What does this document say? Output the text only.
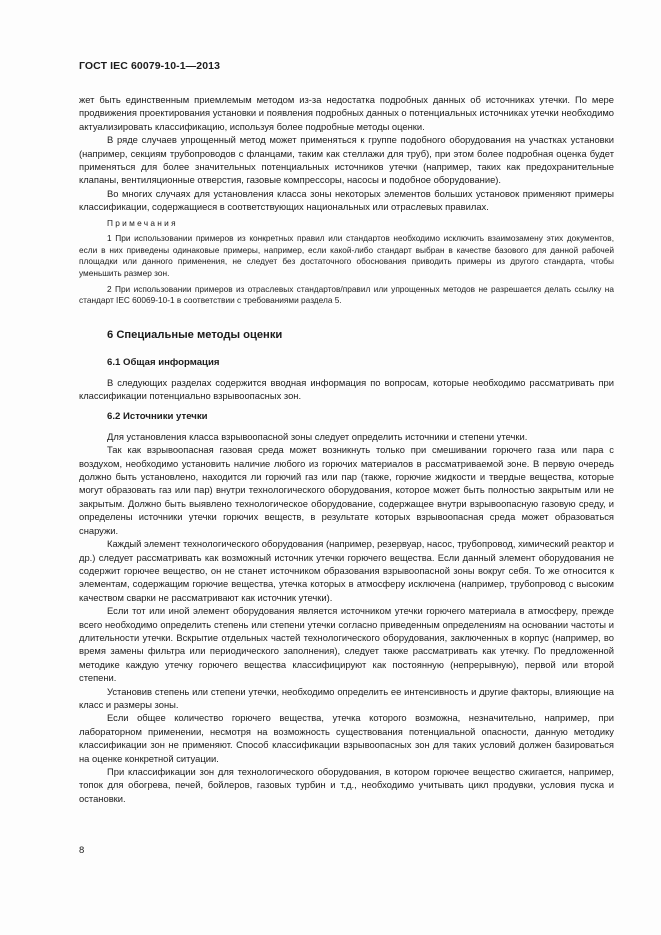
ГОСТ IEC 60079-10-1—2013

жет быть единственным приемлемым методом из-за недостатка подробных данных об источниках утечки. По мере продвижения проектирования установки и появления подробных данных о потенциальных источниках утечки необходимо актуализировать классификацию, используя более подробные методы оценки.

В ряде случаев упрощенный метод может применяться к группе подобного оборудования на участках установки (например, секциям трубопроводов с фланцами, таким как стеллажи для труб), при этом более подробная оценка будет применяться для более значительных потенциальных источников утечки (например, таких как предохранительные клапаны, вентиляционные отверстия, газовые компрессоры, насосы и подобное оборудование).

Во многих случаях для установления класса зоны некоторых элементов больших установок применяют примеры классификации, содержащиеся в соответствующих национальных или отраслевых правилах.

Примечания

1 При использовании примеров из конкретных правил или стандартов необходимо исключить взаимозамену этих документов, если в них приведены одинаковые примеры, например, если какой-либо стандарт выбран в качестве базового для данной рабочей площадки или данного применения, не следует без достаточного обоснования приводить примеры из другого стандарта, чтобы уменьшить размер зон.

2 При использовании примеров из отраслевых стандартов/правил или упрощенных методов не разрешается делать ссылку на стандарт IEC 60069-10-1 в соответствии с требованиями раздела 5.

6 Специальные методы оценки

6.1 Общая информация

В следующих разделах содержится вводная информация по вопросам, которые необходимо рассматривать при классификации потенциально взрывоопасных зон.

6.2 Источники утечки

Для установления класса взрывоопасной зоны следует определить источники и степени утечки.

Так как взрывоопасная газовая среда может возникнуть только при смешивании горючего газа или пара с воздухом, необходимо установить наличие любого из горючих материалов в рассматриваемой зоне. В первую очередь должно быть установлено, находится ли горючий газ или пар (также, горючие жидкости и твердые вещества, которые могут образовать газ или пар) внутри технологического оборудования, которое может быть полностью закрытым или не закрытым. Должно быть выявлено технологическое оборудование, содержащее внутри взрывоопасную газовую среду, и определены источники утечки горючих веществ, в результате которых взрывоопасная среда может образоваться снаружи.

Каждый элемент технологического оборудования (например, резервуар, насос, трубопровод, химический реактор и др.) следует рассматривать как возможный источник утечки горючего вещества. Если данный элемент оборудования не содержит горючее вещество, он не станет источником образования взрывоопасной зоны вокруг себя. То же относится к элементам, содержащим горючие вещества, утечка которых в атмосферу исключена (например, трубопровод с высоким качеством сварки не рассматривают как источник утечки).

Если тот или иной элемент оборудования является источником утечки горючего материала в атмосферу, прежде всего необходимо определить степень или степени утечки согласно приведенным определениям на основании частоты и длительности утечки. Вскрытие отдельных частей технологического оборудования, заключенных в корпус (например, во время замены фильтра или периодического заполнения), следует также рассматривать как утечку. По предложенной методике каждую утечку горючего вещества классифицируют как постоянную (непрерывную), первой или второй степени.

Установив степень или степени утечки, необходимо определить ее интенсивность и другие факторы, влияющие на класс и размеры зоны.

Если общее количество горючего вещества, утечка которого возможна, незначительно, например, при лабораторном применении, несмотря на возможность существования потенциальной опасности, данную методику классификации зон не применяют. Способ классификации взрывоопасных зон для таких условий должен базироваться на оценке конкретной ситуации.

При классификации зон для технологического оборудования, в котором горючее вещество сжигается, например, топок для обогрева, печей, бойлеров, газовых турбин и т.д., необходимо учитывать цикл продувки, условия пуска и остановки.

8
